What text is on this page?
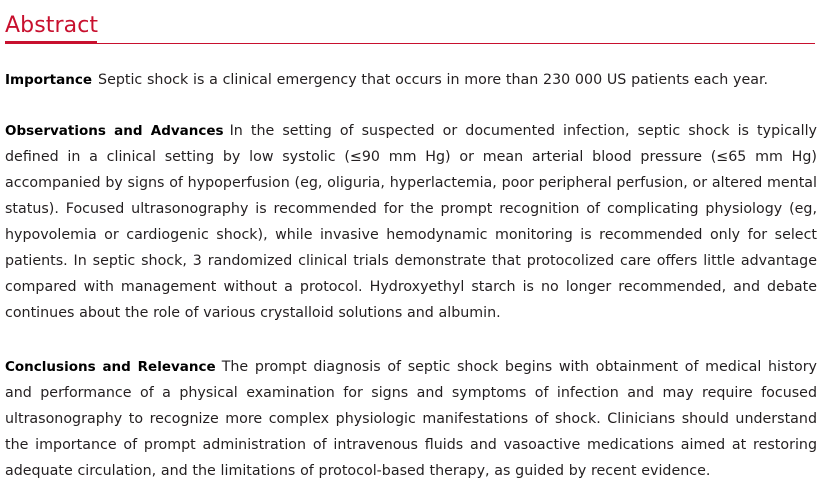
Abstract

Importance Septic shock is a clinical emergency that occurs in more than 230 000 US patients each year.

Observations and Advances In the setting of suspected or documented infection, septic shock is typically defined in a clinical setting by low systolic (≤90 mm Hg) or mean arterial blood pressure (≤65 mm Hg) accompanied by signs of hypoperfusion (eg, oliguria, hyperlactemia, poor peripheral perfusion, or altered mental status). Focused ultrasonography is recommended for the prompt recognition of complicating physiology (eg, hypovolemia or cardiogenic shock), while invasive hemodynamic monitoring is recommended only for select patients. In septic shock, 3 randomized clinical trials demonstrate that protocolized care offers little advantage compared with management without a protocol. Hydroxyethyl starch is no longer recommended, and debate continues about the role of various crystalloid solutions and albumin.

Conclusions and Relevance The prompt diagnosis of septic shock begins with obtainment of medical history and performance of a physical examination for signs and symptoms of infection and may require focused ultrasonography to recognize more complex physiologic manifestations of shock. Clinicians should understand the importance of prompt administration of intravenous fluids and vasoactive medications aimed at restoring adequate circulation, and the limitations of protocol-based therapy, as guided by recent evidence.
